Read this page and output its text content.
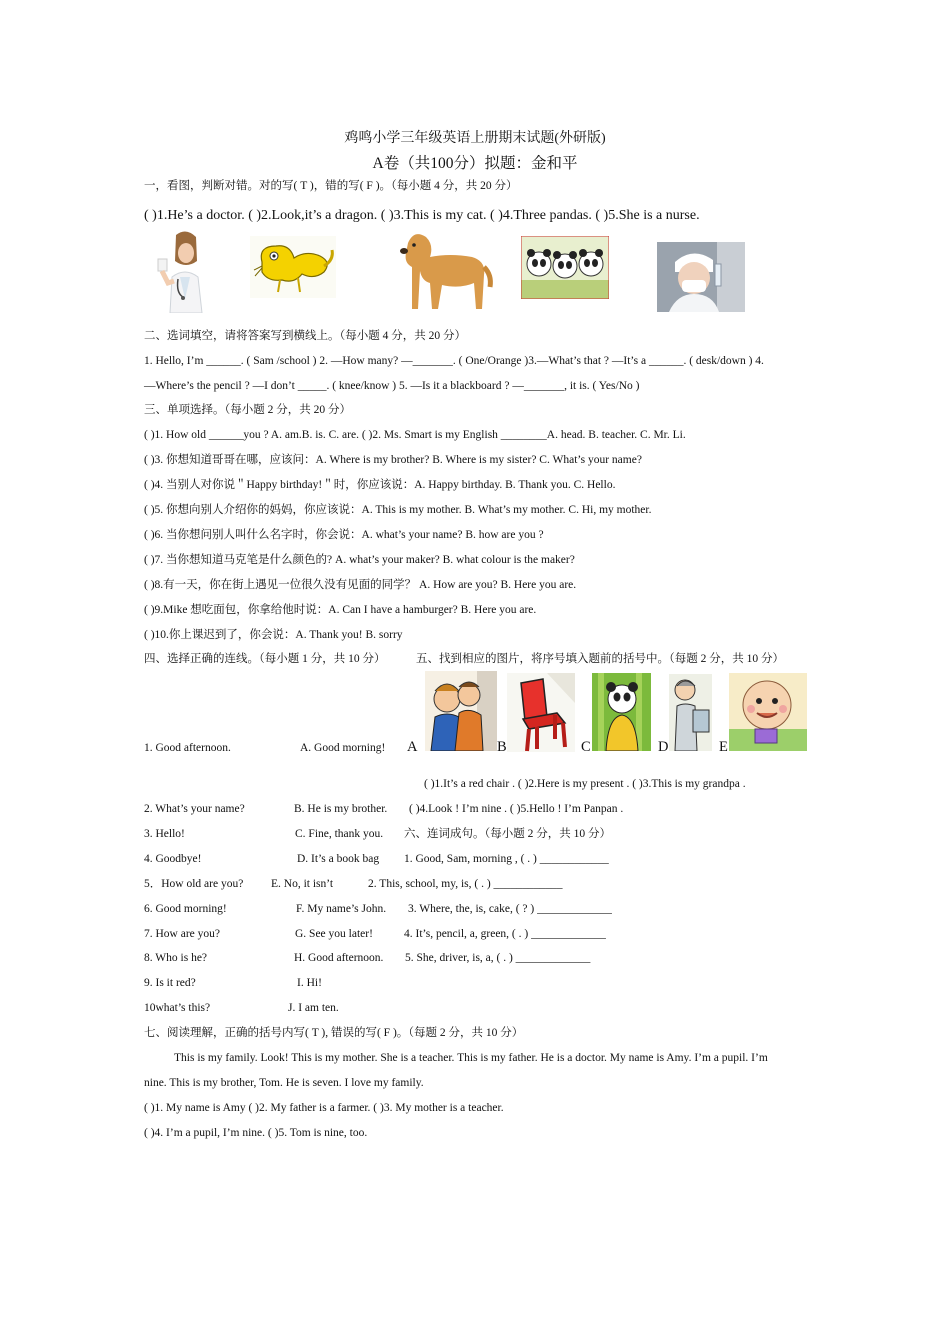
鸡鸣小学三年级英语上册期末试题(外研版)
A卷（共100分）拟题：金和平
一，看图，判断对错。对的写( T )，错的写( F )。（每小题 4 分，共 20 分）
( )1.He’s a doctor. ( )2.Look,it’s a dragon. ( )3.This is my cat. ( )4.Three pandas. ( )5.She is a nurse.
二、选词填空，请将答案写到横线上。（每小题 4 分，共 20 分）
1. Hello, I’m ______. ( Sam /school ) 2. —How many? —_______. ( One/Orange )3.—What’s that ? —It’s a ______. ( desk/down ) 4.
—Where’s the pencil ? —I don’t _____. ( knee/know ) 5. —Is it a blackboard ? —_______, it is. ( Yes/No )
三、单项选择。（每小题 2 分，共 20 分）
( )1. How old ______you ? A. am.B. is. C. are. ( )2. Ms. Smart is my English ________A. head. B. teacher. C. Mr. Li.
( )3. 你想知道哥哥在哪，应该问：A. Where is my brother? B. Where is my sister? C. What’s your name?
( )4. 当别人对你说＂Happy birthday!＂时，你应该说：A. Happy birthday. B. Thank you. C. Hello.
( )5. 你想向别人介绍你的妈妈，你应该说：A. This is my mother. B. What’s my mother. C. Hi, my mother.
( )6. 当你想问别人叫什么名字时，你会说：A. what’s your name? B. how are you ?
( )7. 当你想知道马克笔是什么颜色的? A. what’s your maker? B. what colour is the maker?
( )8.有一天，你在街上遇见一位很久没有见面的同学？ A. How are you? B. Here you are.
( )9.Mike 想吃面包，你拿给他时说：A. Can I have a hamburger? B. Here you are.
( )10.你上课迟到了，你会说：A. Thank you! B. sorry
四、选择正确的连线。（每小题 1 分，共 10 分）	五、找到相应的图片，将序号填入题前的括号中。（每题 2 分，共 10 分）
A	B	C	D	E
1. Good afternoon.	A. Good morning!
( )1.It’s a red chair . ( )2.Here is my present . ( )3.This is my grandpa .
2. What’s your name?	B. He is my brother. ( )4.Look ! I’m nine . ( )5.Hello ! I’m Panpan .
3. Hello!	C. Fine, thank you. 六、连词成句。（每小题 2 分，共 10 分）
4. Goodbye!	D. It’s a book bag 1. Good, Sam, morning , ( . ) ____________
5．How old are you? E. No, it isn’t	2. This, school, my, is, ( . ) ____________
6. Good morning!	F. My name’s John. 3. Where, the, is, cake, ( ? ) _____________
7. How are you?	G. See you later!	4. It’s, pencil, a, green, ( . ) _____________
8. Who is he?	H. Good afternoon. 5. She, driver, is, a, ( . ) _____________
9. Is it red?	I. Hi!
10what’s this?	J. I am ten.
七、阅读理解，正确的括号内写( T ), 错误的写( F )。（每题 2 分，共 10 分）
This is my family. Look! This is my mother. She is a teacher. This is my father. He is a doctor. My name is Amy. I’m a pupil. I’m
nine. This is my brother, Tom. He is seven. I love my family.
( )1. My name is Amy ( )2. My father is a farmer. ( )3. My mother is a teacher.
( )4. I’m a pupil, I’m nine. ( )5. Tom is nine, too.
